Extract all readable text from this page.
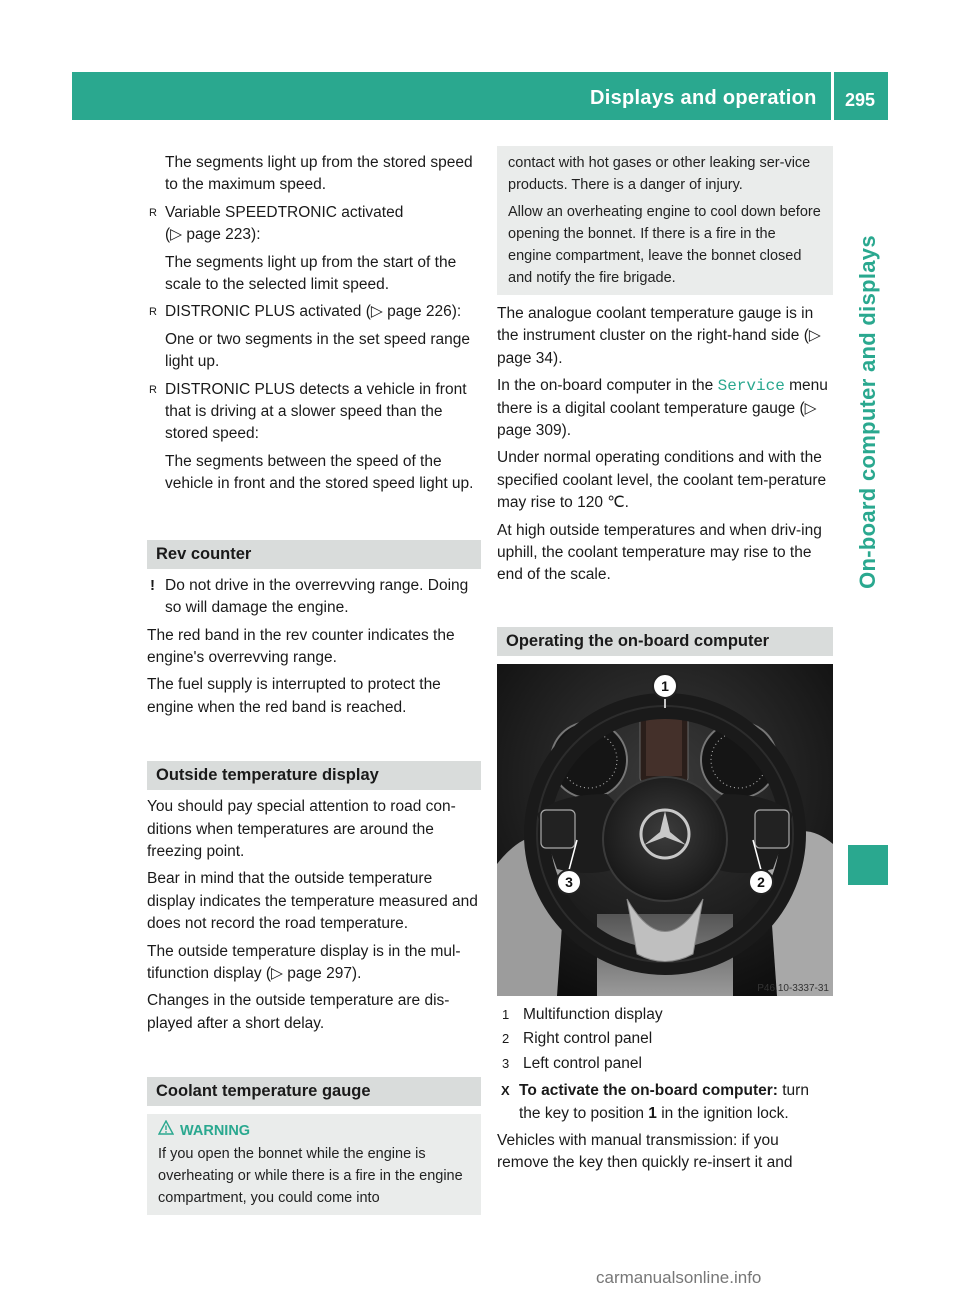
Displays and operation 295
On-board computer and displays

The segments light up from the stored speed to the maximum speed.

R Variable SPEEDTRONIC activated

(▷ page 223):

The segments light up from the start of the scale to the selected limit speed.

R DISTRONIC PLUS activated (▷ page 226):

One or two segments in the set speed range light up.

R DISTRONIC PLUS detects a vehicle in front that is driving at a slower speed than the stored speed:

The segments between the speed of the vehicle in front and the stored speed light up.

Rev counter
! Do not drive in the overrevving range. Doing so will damage the engine.

The red band in the rev counter indicates the engine's overrevving range.

The fuel supply is interrupted to protect the engine when the red band is reached.

Outside temperature display

You should pay special attention to road con-ditions when temperatures are around the freezing point.

Bear in mind that the outside temperature display indicates the temperature measured and does not record the road temperature.

The outside temperature display is in the mul-tifunction display (▷ page 297).

Changes in the outside temperature are dis-played after a short delay.

Coolant temperature gauge
WARNING

If you open the bonnet while the engine is overheating or while there is a fire in the engine compartment, you could come into

contact with hot gases or other leaking ser-vice products. There is a danger of injury.

Allow an overheating engine to cool down before opening the bonnet. If there is a fire in the engine compartment, leave the bonnet closed and notify the fire brigade.

The analogue coolant temperature gauge is in the instrument cluster on the right-hand side (▷ page 34).

In the on-board computer in the Service menu there is a digital coolant temperature gauge (▷ page 309).

Under normal operating conditions and with the specified coolant level, the coolant tem-perature may rise to 120 ℃.

At high outside temperatures and when driv-ing uphill, the coolant temperature may rise to the end of the scale.

Operating the on-board computer
1
2
3
P46.10-3337-31
1 Multifunction display

2 Right control panel

3 Left control panel

X To activate the on-board computer: turn the key to position 1 in the ignition lock.

Vehicles with manual transmission: if you remove the key then quickly re-insert it and

carmanualsonline.info
